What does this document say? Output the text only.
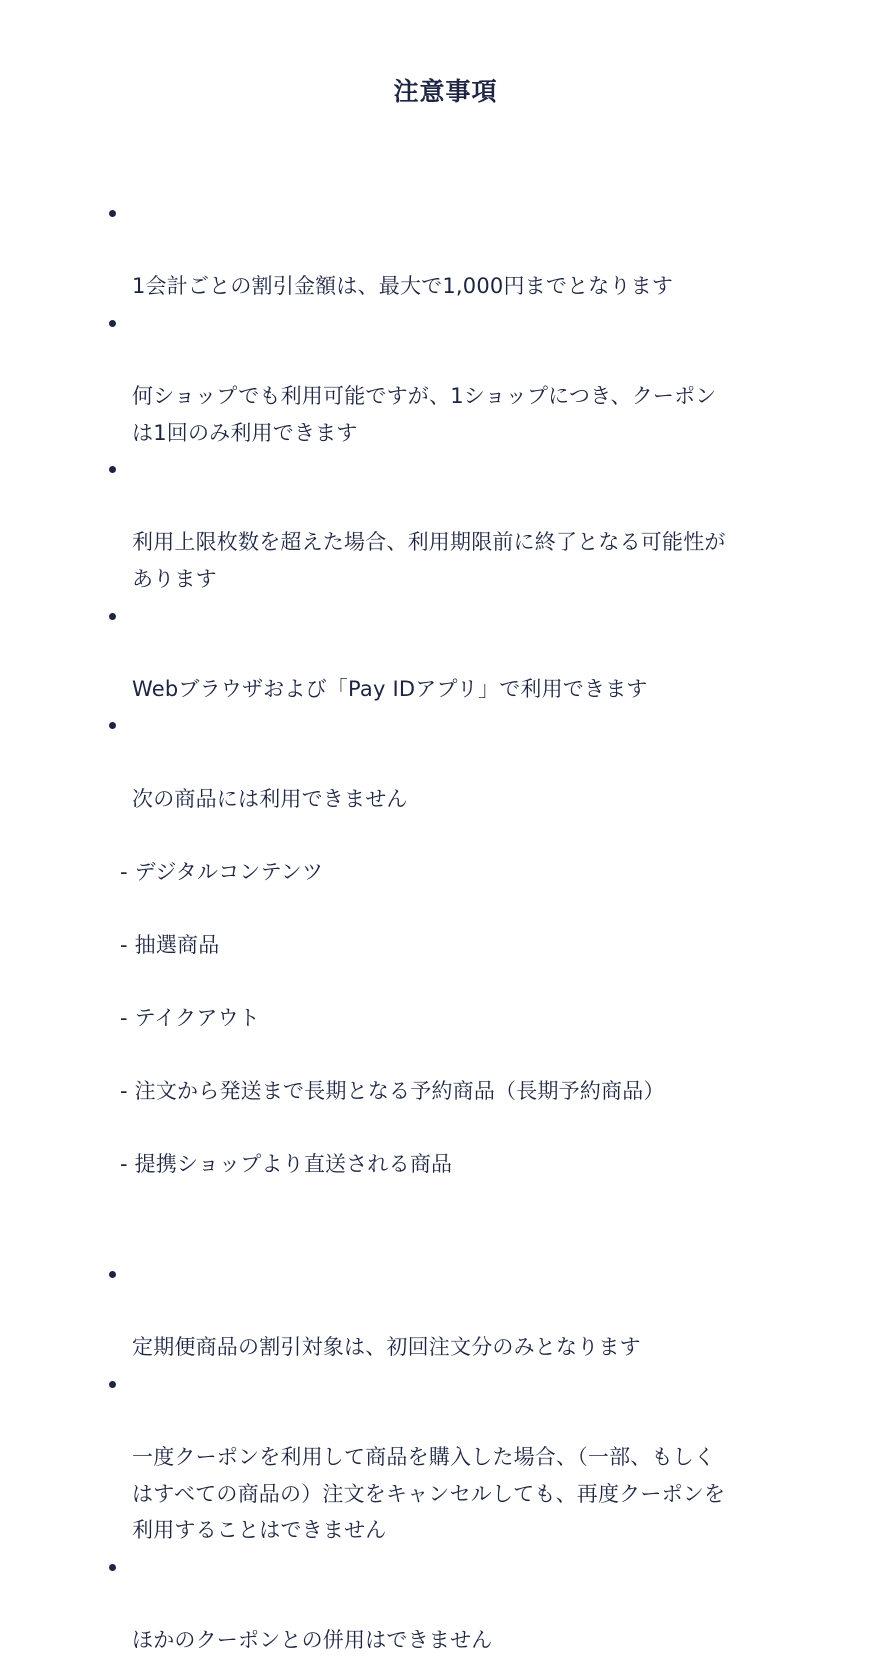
注意事項

1会計ごとの割引金額は、最大で1,000円までとなります

何ショップでも利用可能ですが、1ショップにつき、クーポン
は1回のみ利用できます

利用上限枚数を超えた場合、利用期限前に終了となる可能性が
あります

Webブラウザおよび「Pay IDアプリ」で利用できます

次の商品には利用できません

- デジタルコンテンツ

- 抽選商品

- テイクアウト

- 注文から発送まで長期となる予約商品（長期予約商品）

- 提携ショップより直送される商品

定期便商品の割引対象は、初回注文分のみとなります

一度クーポンを利用して商品を購入した場合、（一部、もしく
はすべての商品の）注文をキャンセルしても、再度クーポンを
利用することはできません

ほかのクーポンとの併用はできません
